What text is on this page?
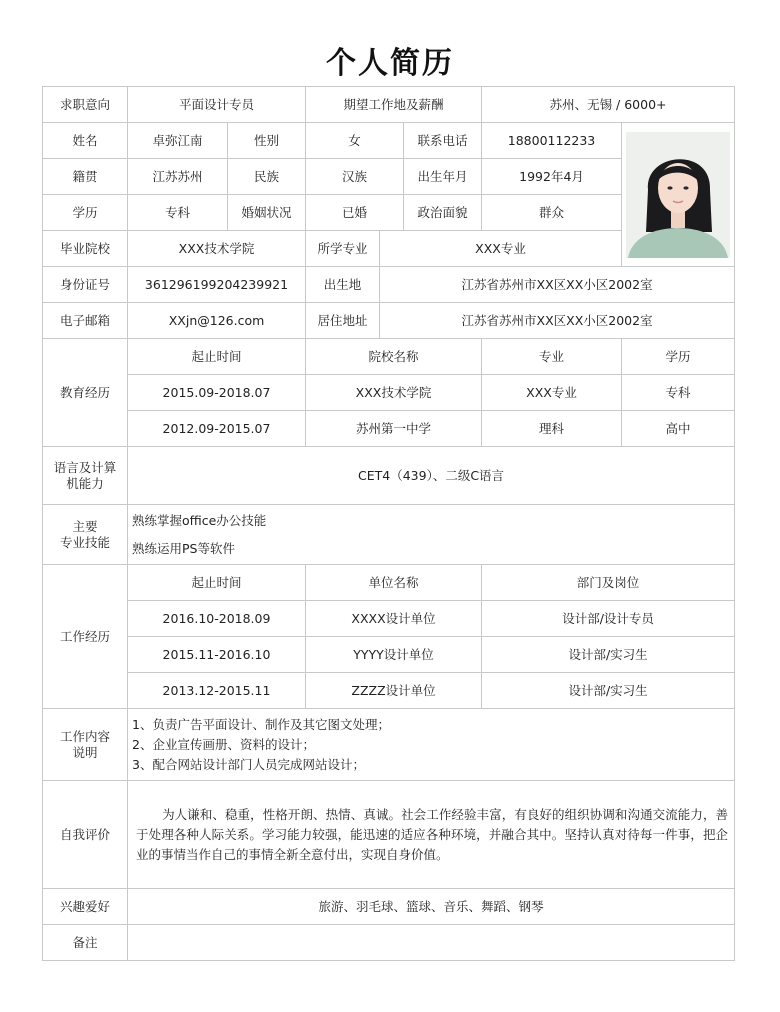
个人简历
求职意向	平面设计专员		期望工作地及薪酬			苏州、无锡 / 6000+	
姓名	卓弥江南	性别	女		联系电话	18800112233	

籍贯	江苏苏州	民族	汉族		出生年月	1992年4月	
学历	专科	婚姻状况	已婚		政治面貌	群众	
毕业院校	XXX技术学院		所学专业	XXX专业			
身份证号	361296199204239921		出生地	江苏省苏州市XX区XX小区2002室			
电子邮箱	XXjn@126.com		居住地址	江苏省苏州市XX区XX小区2002室			
教育经历	起止时间		院校名称			专业	学历
	2015.09-2018.07		XXX技术学院			XXX专业	专科
	2012.09-2015.07		苏州第一中学			理科	高中

语言及计算
机能力	CET4（439）、二级C语言						

主要
专业技能	熟练掌握office办公技能
熟练运用PS等软件						

工作经历	起止时间		单位名称			部门及岗位	
	2016.10-2018.09		XXXX设计单位			设计部/设计专员	
	2015.11-2016.10		YYYY设计单位			设计部/实习生	
	2013.12-2015.11		ZZZZ设计单位			设计部/实习生	

工作内容
说明	1、负责广告平面设计、制作及其它图文处理；
2、企业宣传画册、资料的设计；
3、配合网站设计部门人员完成网站设计；						

自我评价	为人谦和、稳重，性格开朗、热情、真诚。社会工作经验丰富，有良好的组织协调和沟通交流能力，善于处理各种人际关系。学习能力较强，能迅速的适应各种环境，并融合其中。坚持认真对待每一件事，把企业的事情当作自己的事情全新全意付出，实现自身价值。						
兴趣爱好	旅游、羽毛球、篮球、音乐、舞蹈、钢琴						
备注							
